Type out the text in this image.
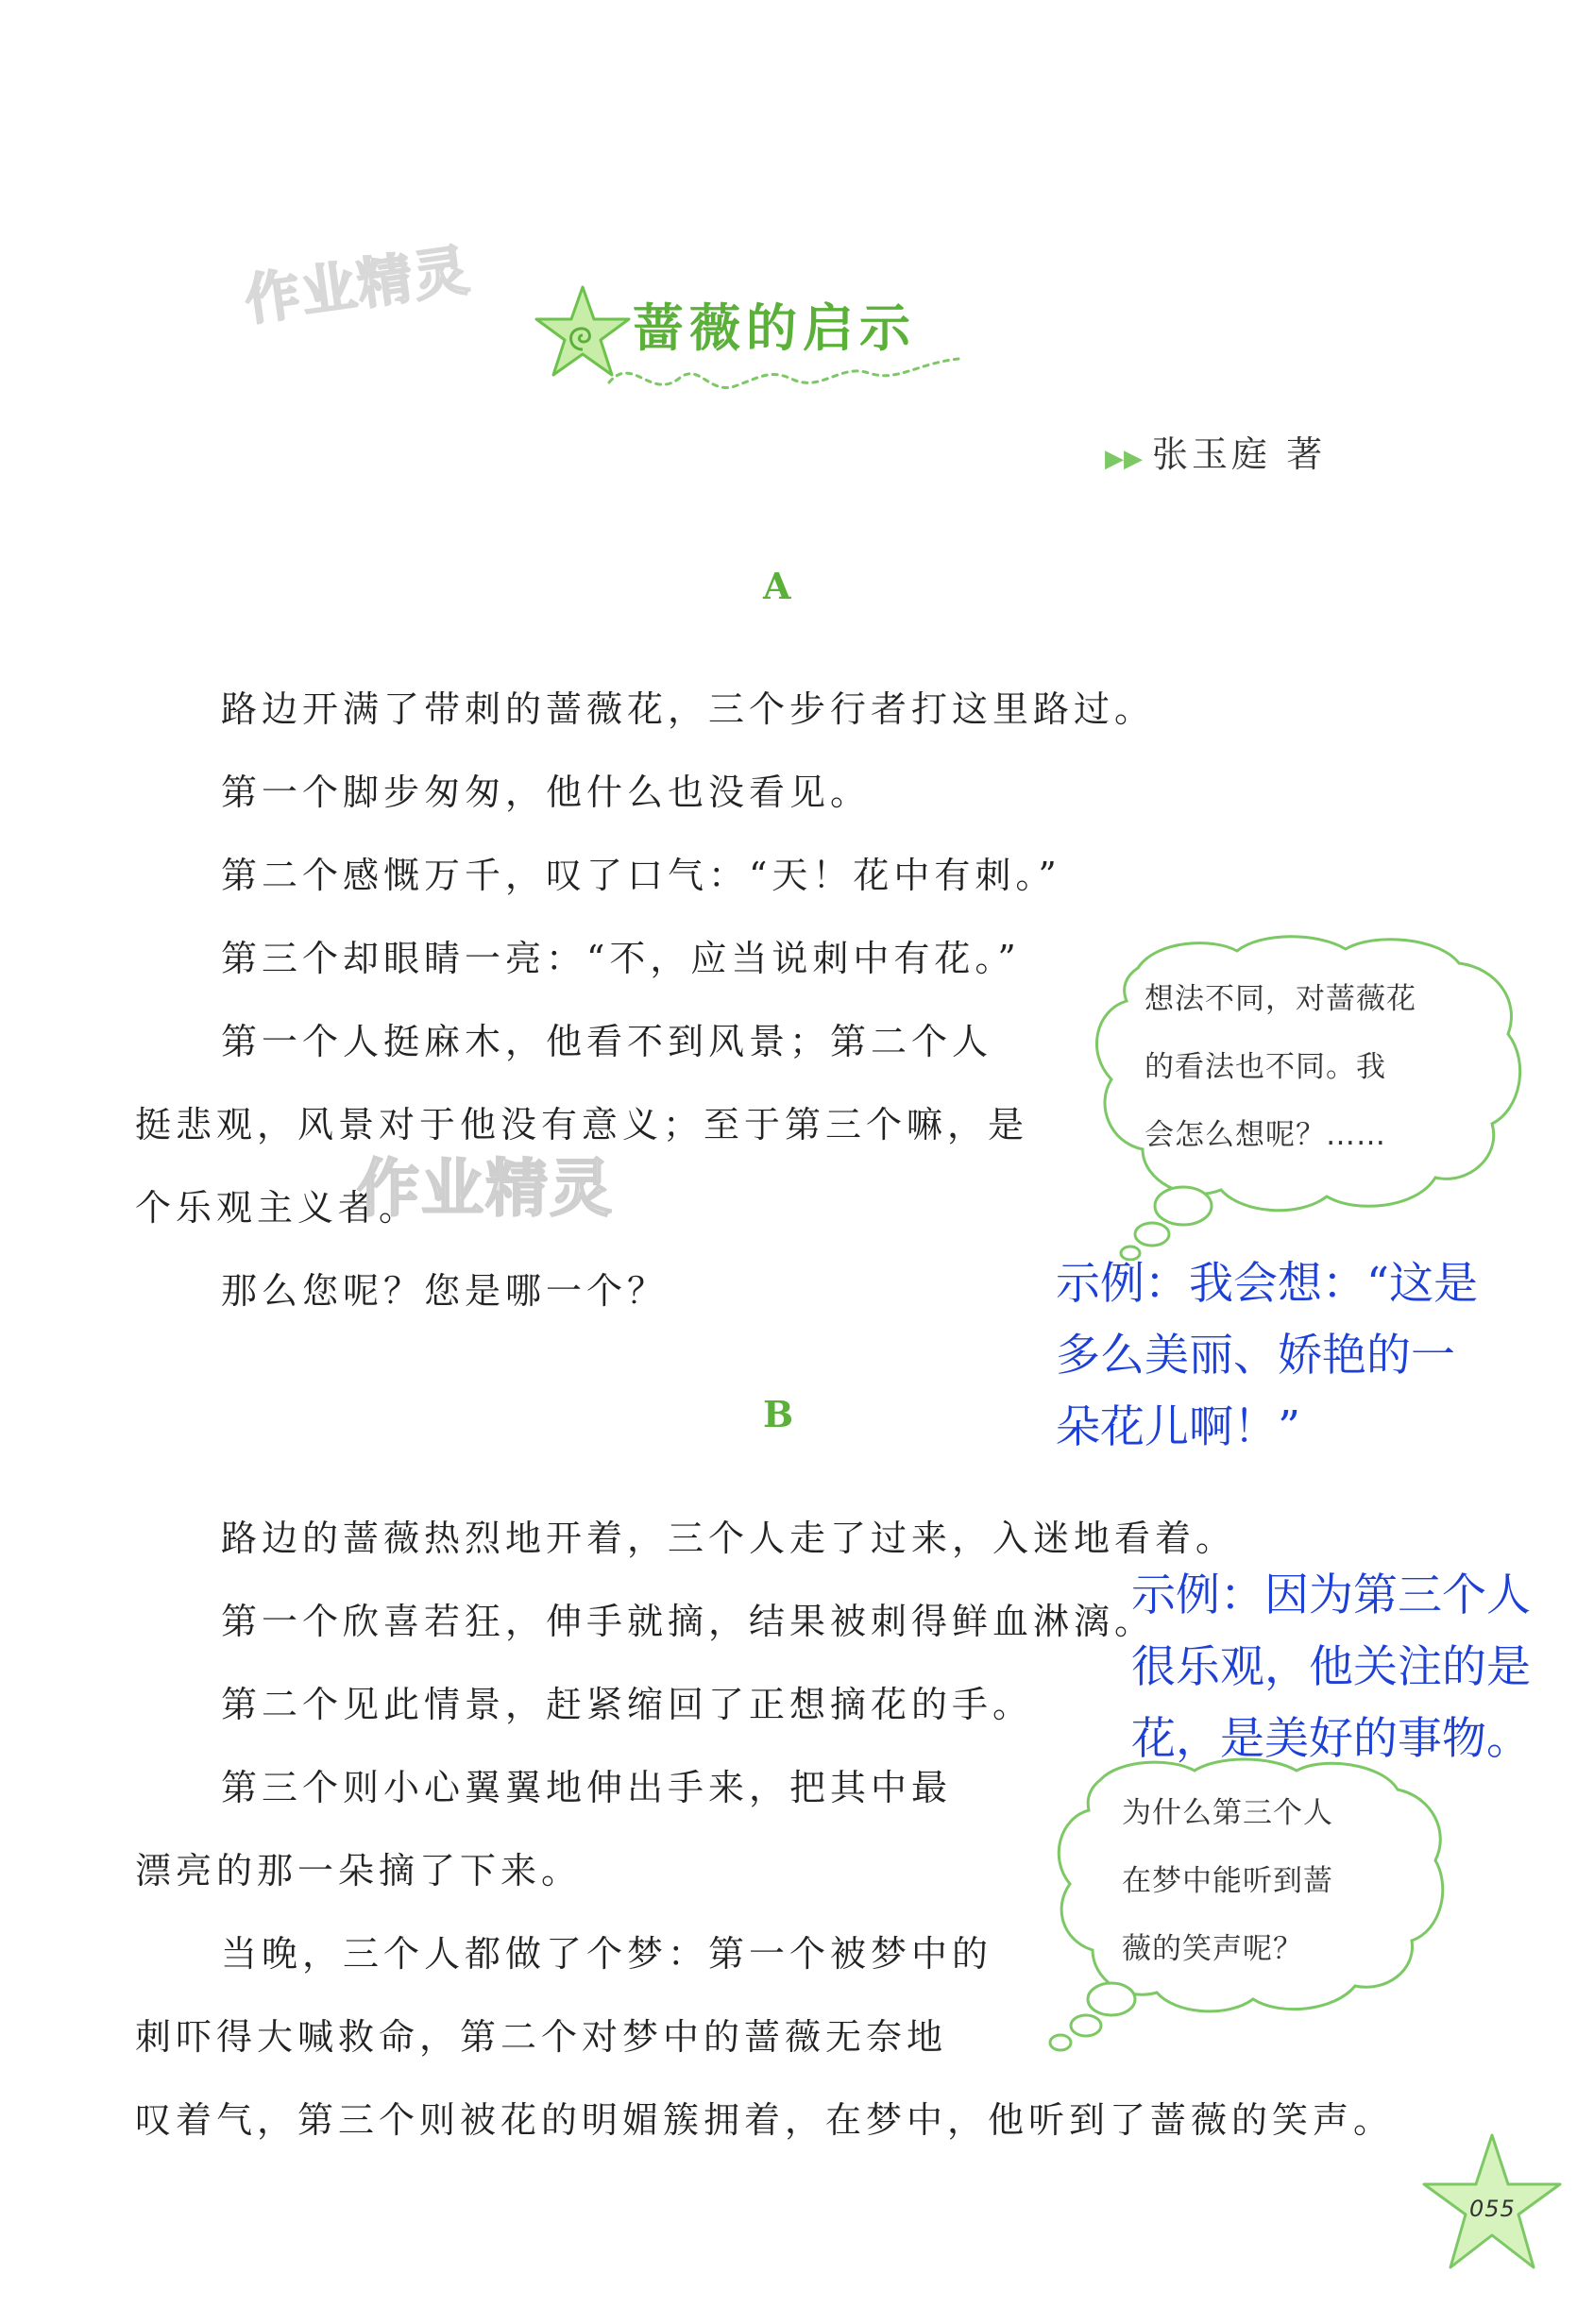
作业精灵	蔷薇的启示
▶▶ 张玉庭 著
A
路边开满了带刺的蔷薇花，三个步行者打这里路过。
第一个脚步匆匆，他什么也没看见。
第二个感慨万千，叹了口气：“天！花中有刺。”
第三个却眼睛一亮：“不，应当说刺中有花。”
第一个人挺麻木，他看不到风景；第二个人
挺悲观，风景对于他没有意义；至于第三个嘛，是
个乐观主义者。
那么您呢？您是哪一个？
作业精灵
想法不同，对蔷薇花
的看法也不同。我
会怎么想呢？……
示例：我会想：“这是
多么美丽、娇艳的一
朵花儿啊！”
B
路边的蔷薇热烈地开着，三个人走了过来，入迷地看着。
第一个欣喜若狂，伸手就摘，结果被刺得鲜血淋漓。
第二个见此情景，赶紧缩回了正想摘花的手。
第三个则小心翼翼地伸出手来，把其中最
漂亮的那一朵摘了下来。
当晚，三个人都做了个梦：第一个被梦中的
刺吓得大喊救命，第二个对梦中的蔷薇无奈地
叹着气，第三个则被花的明媚簇拥着，在梦中，他听到了蔷薇的笑声。
示例：因为第三个人
很乐观，他关注的是
花，是美好的事物。
为什么第三个人
在梦中能听到蔷
薇的笑声呢？
055
